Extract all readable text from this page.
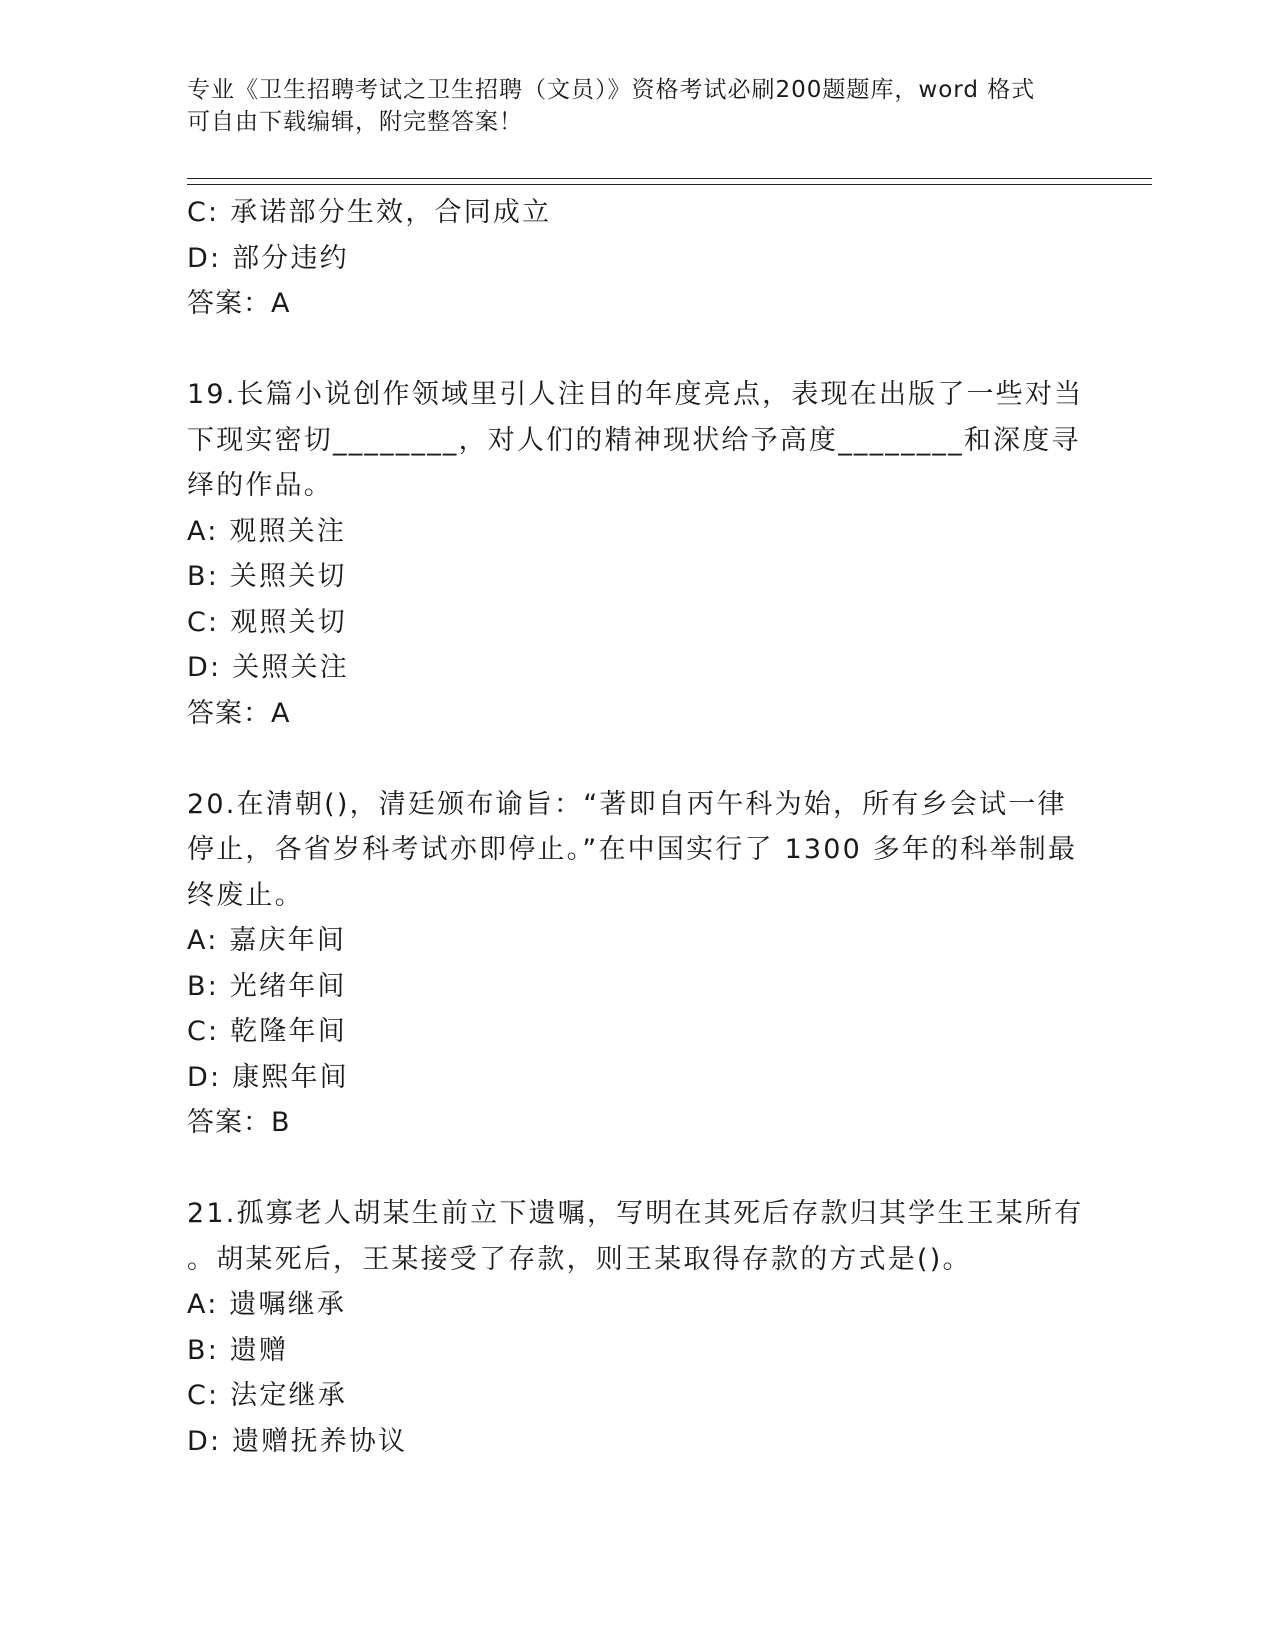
专业《卫生招聘考试之卫生招聘（文员）》资格考试必刷200题题库，word 格式
可自由下载编辑，附完整答案！
C: 承诺部分生效，合同成立
D: 部分违约
答案：A
19.长篇小说创作领域里引人注目的年度亮点，表现在出版了一些对当
下现实密切________，对人们的精神现状给予高度________和深度寻
绎的作品。
A: 观照关注
B: 关照关切
C: 观照关切
D: 关照关注
答案：A
20.在清朝()，清廷颁布谕旨：“著即自丙午科为始，所有乡会试一律
停止，各省岁科考试亦即停止。”在中国实行了 1300 多年的科举制最
终废止。
A: 嘉庆年间
B: 光绪年间
C: 乾隆年间
D: 康熙年间
答案：B
21.孤寡老人胡某生前立下遗嘱，写明在其死后存款归其学生王某所有
。胡某死后，王某接受了存款，则王某取得存款的方式是()。
A: 遗嘱继承
B: 遗赠
C: 法定继承
D: 遗赠抚养协议
